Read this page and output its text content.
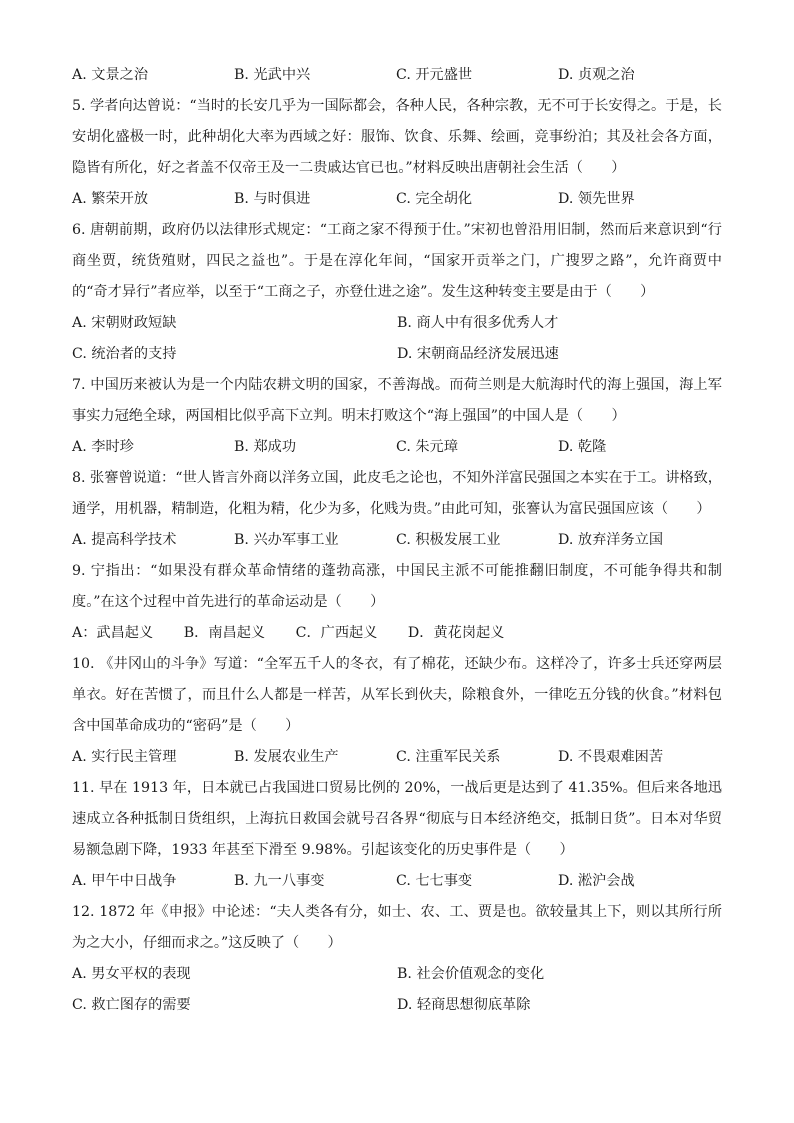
A. 文景之治	B. 光武中兴	C. 开元盛世	D. 贞观之治

5. 学者向达曾说：“当时的长安几乎为一国际都会，各种人民，各种宗教，无不可于长安得之。于是，长安胡化盛极一时，此种胡化大率为西域之好：服饰、饮食、乐舞、绘画，竞事纷泊；其及社会各方面，隐皆有所化，好之者盖不仅帝王及一二贵戚达官已也。”材料反映出唐朝社会生活（　　）

A. 繁荣开放	B. 与时俱进	C. 完全胡化	D. 领先世界

6. 唐朝前期，政府仍以法律形式规定：“工商之家不得预于仕。”宋初也曾沿用旧制，然而后来意识到“行商坐贾，统货殖财，四民之益也”。于是在淳化年间，“国家开贡举之门，广搜罗之路”，允许商贾中的“奇才异行”者应举，以至于“工商之子，亦登仕进之途”。发生这种转变主要是由于（　　）

A. 宋朝财政短缺	B. 商人中有很多优秀人才
C. 统治者的支持	D. 宋朝商品经济发展迅速

7. 中国历来被认为是一个内陆农耕文明的国家，不善海战。而荷兰则是大航海时代的海上强国，海上军事实力冠绝全球，两国相比似乎高下立判。明末打败这个“海上强国”的中国人是（　　）

A. 李时珍	B. 郑成功	C. 朱元璋	D. 乾隆

8. 张謇曾说道：“世人皆言外商以洋务立国，此皮毛之论也，不知外洋富民强国之本实在于工。讲格致，通学，用机器，精制造，化粗为精，化少为多，化贱为贵。”由此可知，张謇认为富民强国应该（　　）

A. 提高科学技术	B. 兴办军事工业	C. 积极发展工业	D. 放弃洋务立国

9. 宁指出：“如果没有群众革命情绪的蓬勃高涨，中国民主派不可能推翻旧制度，不可能争得共和制度。”在这个过程中首先进行的革命运动是（　　）

A：武昌起义 B．南昌起义 C．广西起义 D．黄花岗起义

10. 《井冈山的斗争》写道：“全军五千人的冬衣，有了棉花，还缺少布。这样冷了，许多士兵还穿两层单衣。好在苦惯了，而且什么人都是一样苦，从军长到伙夫，除粮食外，一律吃五分钱的伙食。”材料包含中国革命成功的“密码”是（　　）

A. 实行民主管理	B. 发展农业生产	C. 注重军民关系	D. 不畏艰难困苦

11. 早在 1913 年，日本就已占我国进口贸易比例的 20%，一战后更是达到了 41.35%。但后来各地迅速成立各种抵制日货组织，上海抗日救国会就号召各界“彻底与日本经济绝交，抵制日货”。日本对华贸易额急剧下降，1933 年甚至下滑至 9.98%。引起该变化的历史事件是（　　）

A. 甲午中日战争	B. 九一八事变	C. 七七事变	D. 淞沪会战

12. 1872 年《申报》中论述：“夫人类各有分，如士、农、工、贾是也。欲较量其上下，则以其所行所为之大小，仔细而求之。”这反映了（　　）

A. 男女平权的表现	B. 社会价值观念的变化
C. 救亡图存的需要	D. 轻商思想彻底革除
